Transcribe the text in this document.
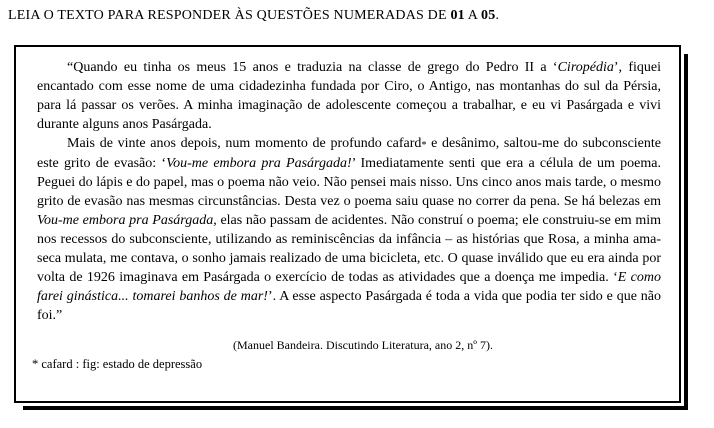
LEIA O TEXTO PARA RESPONDER ÀS QUESTÕES NUMERADAS DE 01 A 05.

“Quando eu tinha os meus 15 anos e traduzia na classe de grego do Pedro II a ‘Ciropédia’, fiquei encantado com esse nome de uma cidadezinha fundada por Ciro, o Antigo, nas montanhas do sul da Pérsia, para lá passar os verões. A minha imaginação de adolescente começou a trabalhar, e eu vi Pasárgada e vivi durante alguns anos Pasárgada.

Mais de vinte anos depois, num momento de profundo cafard* e desânimo, saltou-me do subconsciente este grito de evasão: ‘Vou-me embora pra Pasárgada!’ Imediatamente senti que era a célula de um poema. Peguei do lápis e do papel, mas o poema não veio. Não pensei mais nisso. Uns cinco anos mais tarde, o mesmo grito de evasão nas mesmas circunstâncias. Desta vez o poema saiu quase no correr da pena. Se há belezas em Vou-me embora pra Pasárgada, elas não passam de acidentes. Não construí o poema; ele construiu-se em mim nos recessos do subconsciente, utilizando as reminiscências da infância – as histórias que Rosa, a minha ama-seca mulata, me contava, o sonho jamais realizado de uma bicicleta, etc. O quase inválido que eu era ainda por volta de 1926 imaginava em Pasárgada o exercício de todas as atividades que a doença me impedia. ‘E como farei ginástica... tomarei banhos de mar!’. A esse aspecto Pasárgada é toda a vida que podia ter sido e que não foi.”

(Manuel Bandeira. Discutindo Literatura, ano 2, nº 7).
* cafard : fig: estado de depressão
